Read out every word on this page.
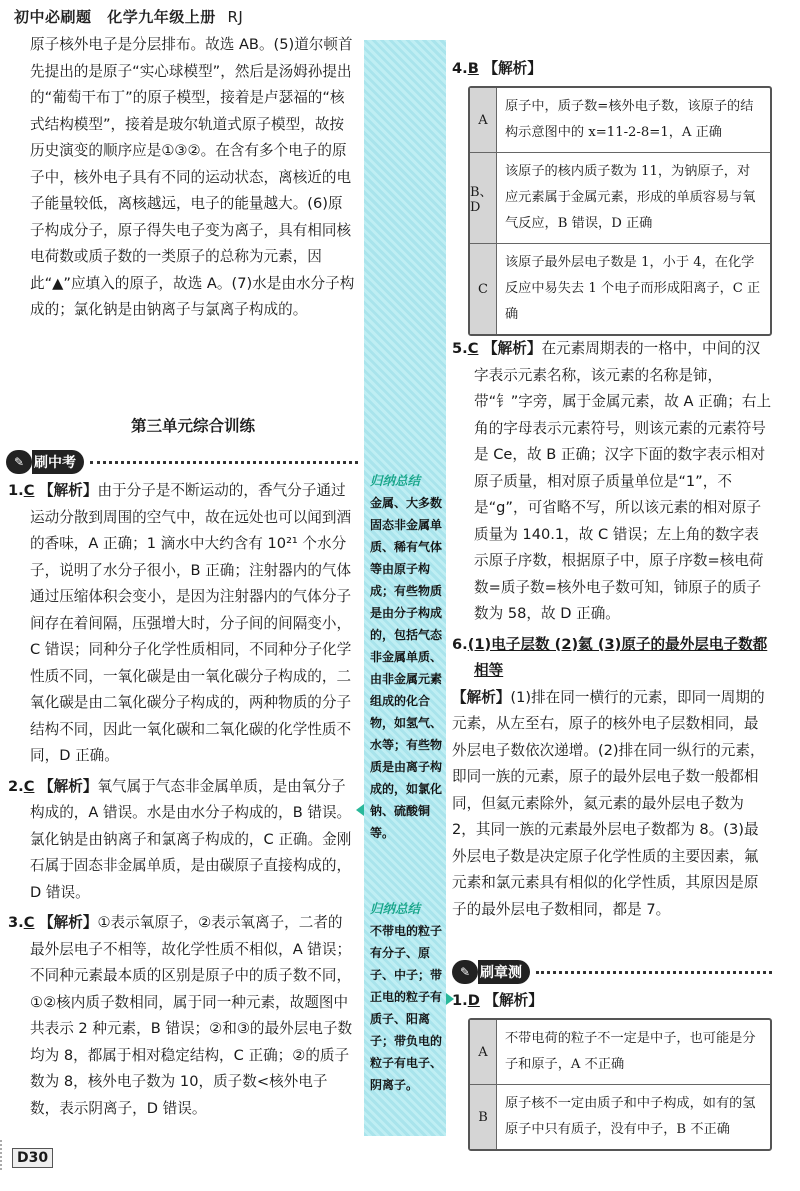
初中必刷题 化学九年级上册 RJ

原子核外电子是分层排布。故选 AB。(5)道尔顿首先提出的是原子“实心球模型”，然后是汤姆孙提出的“葡萄干布丁”的原子模型，接着是卢瑟福的“核式结构模型”，接着是玻尔轨道式原子模型，故按历史演变的顺序应是①③②。在含有多个电子的原子中，核外电子具有不同的运动状态，离核近的电子能量较低，离核越远，电子的能量越大。(6)原子构成分子，原子得失电子变为离子，具有相同核电荷数或质子数的一类原子的总称为元素，因此“▲”应填入的原子，故选 A。(7)水是由水分子构成的；氯化钠是由钠离子与氯离子构成的。

第三单元综合训练
✎ 刷中考

1.C 【解析】由于分子是不断运动的，香气分子通过运动分散到周围的空气中，故在远处也可以闻到酒的香味，A 正确；1 滴水中大约含有 10²¹ 个水分子，说明了水分子很小，B 正确；注射器内的气体通过压缩体积会变小，是因为注射器内的气体分子间存在着间隔，压强增大时，分子间的间隔变小，C 错误；同种分子化学性质相同，不同种分子化学性质不同，一氧化碳是由一氧化碳分子构成的，二氧化碳是由二氧化碳分子构成的，两种物质的分子结构不同，因此一氧化碳和二氧化碳的化学性质不同，D 正确。

2.C 【解析】氧气属于气态非金属单质，是由氧分子构成的，A 错误。水是由水分子构成的，B 错误。氯化钠是由钠离子和氯离子构成的，C 正确。金刚石属于固态非金属单质，是由碳原子直接构成的，D 错误。

3.C 【解析】①表示氧原子，②表示氧离子，二者的最外层电子不相等，故化学性质不相似，A 错误；不同种元素最本质的区别是原子中的质子数不同，①②核内质子数相同，属于同一种元素，故题图中共表示 2 种元素，B 错误；②和③的最外层电子数均为 8，都属于相对稳定结构，C 正确；②的质子数为 8，核外电子数为 10，质子数<核外电子数，表示阴离子，D 错误。

归纳总结
金属、大多数固态非金属单质、稀有气体等由原子构成；有些物质是由分子构成的，包括气态非金属单质、由非金属元素组成的化合物，如氢气、水等；有些物质是由离子构成的，如氯化钠、硫酸铜等。
归纳总结
不带电的粒子有分子、原子、中子；带正电的粒子有质子、阳离子；带负电的粒子有电子、阴离子。
4.B 【解析】
A
原子中，质子数=核外电子数，该原子的结构示意图中的 x=11-2-8=1，A 正确
B、D
该原子的核内质子数为 11，为钠原子，对应元素属于金属元素，形成的单质容易与氧气反应，B 错误，D 正确
C
该原子最外层电子数是 1，小于 4，在化学反应中易失去 1 个电子而形成阳离子，C 正确

5.C 【解析】在元素周期表的一格中，中间的汉字表示元素名称，该元素的名称是铈，带“钅”字旁，属于金属元素，故 A 正确；右上角的字母表示元素符号，则该元素的元素符号是 Ce，故 B 正确；汉字下面的数字表示相对原子质量，相对原子质量单位是“1”，不是“g”，可省略不写，所以该元素的相对原子质量为 140.1，故 C 错误；左上角的数字表示原子序数，根据原子中，原子序数=核电荷数=质子数=核外电子数可知，铈原子的质子数为 58，故 D 正确。

6.(1)电子层数 (2)氦 (3)原子的最外层电子数都相等

【解析】(1)排在同一横行的元素，即同一周期的元素，从左至右，原子的核外电子层数相同，最外层电子数依次递增。(2)排在同一纵行的元素，即同一族的元素，原子的最外层电子数一般都相同，但氦元素除外，氦元素的最外层电子数为 2，其同一族的元素最外层电子数都为 8。(3)最外层电子数是决定原子化学性质的主要因素，氟元素和氯元素具有相似的化学性质，其原因是原子的最外层电子数相同，都是 7。

✎ 刷章测
1.D 【解析】
A
不带电荷的粒子不一定是中子，也可能是分子和原子，A 不正确
B
原子核不一定由质子和中子构成，如有的氢原子中只有质子，没有中子，B 不正确
D30
